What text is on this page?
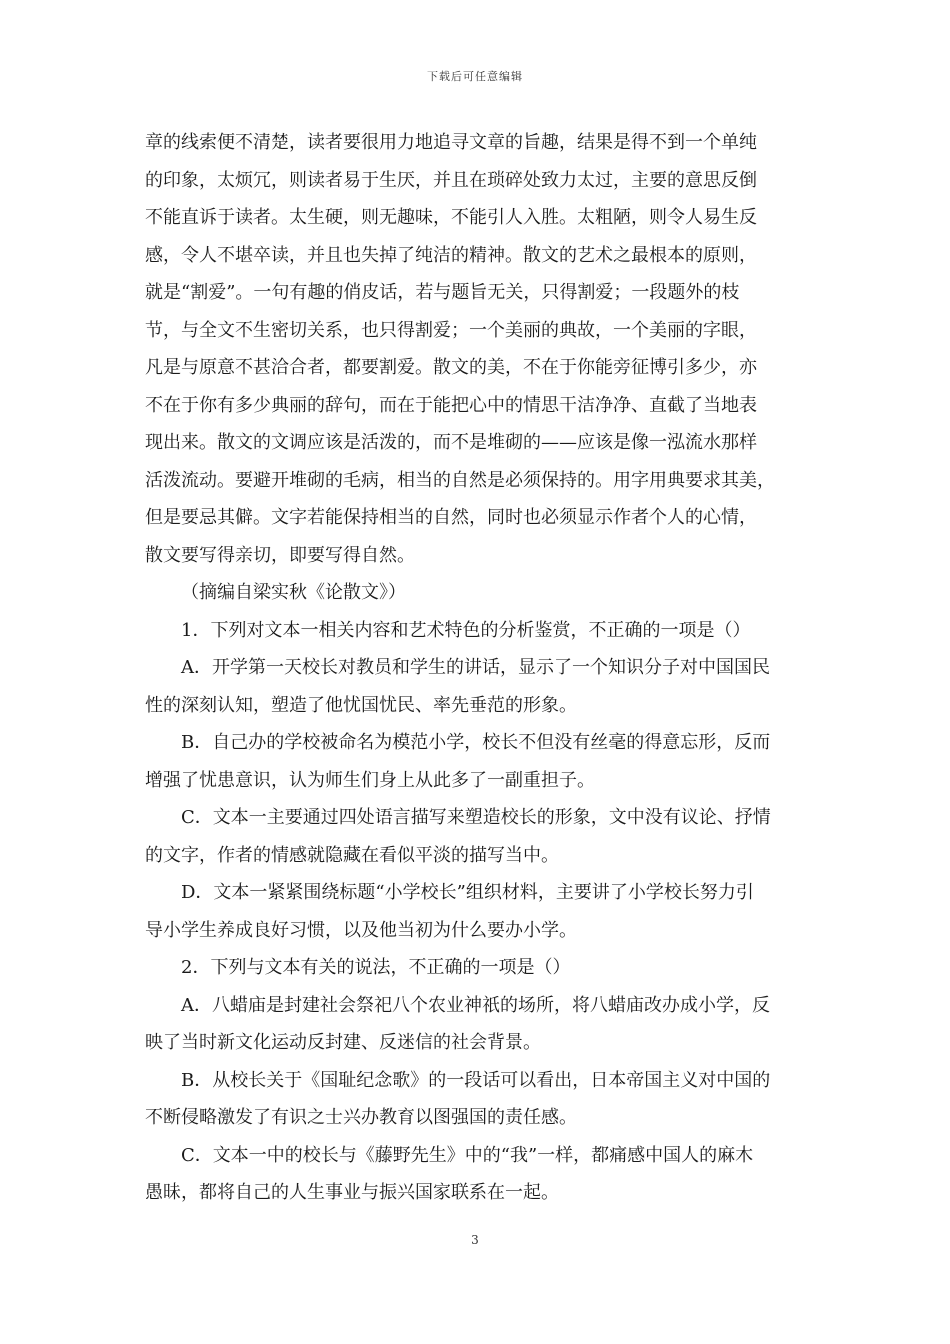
下载后可任意编辑
章的线索便不清楚，读者要很用力地追寻文章的旨趣，结果是得不到一个单纯
的印象，太烦冗，则读者易于生厌，并且在琐碎处致力太过，主要的意思反倒
不能直诉于读者。太生硬，则无趣味，不能引人入胜。太粗陋，则令人易生反
感，令人不堪卒读，并且也失掉了纯洁的精神。散文的艺术之最根本的原则，
就是“割爱”。一句有趣的俏皮话，若与题旨无关，只得割爱；一段题外的枝
节，与全文不生密切关系，也只得割爱；一个美丽的典故，一个美丽的字眼，
凡是与原意不甚洽合者，都要割爱。散文的美，不在于你能旁征博引多少，亦
不在于你有多少典丽的辞句，而在于能把心中的情思干洁净净、直截了当地表
现出来。散文的文调应该是活泼的，而不是堆砌的——应该是像一泓流水那样
活泼流动。要避开堆砌的毛病，相当的自然是必须保持的。用字用典要求其美，
但是要忌其僻。文字若能保持相当的自然，同时也必须显示作者个人的心情，
散文要写得亲切，即要写得自然。
（摘编自梁实秋《论散文》）
1．下列对文本一相关内容和艺术特色的分析鉴赏，不正确的一项是（）
A．开学第一天校长对教员和学生的讲话，显示了一个知识分子对中国国民
性的深刻认知，塑造了他忧国忧民、率先垂范的形象。
B．自己办的学校被命名为模范小学，校长不但没有丝毫的得意忘形，反而
增强了忧患意识，认为师生们身上从此多了一副重担子。
C．文本一主要通过四处语言描写来塑造校长的形象，文中没有议论、抒情
的文字，作者的情感就隐藏在看似平淡的描写当中。
D．文本一紧紧围绕标题“小学校长”组织材料，主要讲了小学校长努力引
导小学生养成良好习惯，以及他当初为什么要办小学。
2．下列与文本有关的说法，不正确的一项是（）
A．八蜡庙是封建社会祭祀八个农业神祇的场所，将八蜡庙改办成小学，反
映了当时新文化运动反封建、反迷信的社会背景。
B．从校长关于《国耻纪念歌》的一段话可以看出，日本帝国主义对中国的
不断侵略激发了有识之士兴办教育以图强国的责任感。
C．文本一中的校长与《藤野先生》中的“我”一样，都痛感中国人的麻木
愚昧，都将自己的人生事业与振兴国家联系在一起。
3
